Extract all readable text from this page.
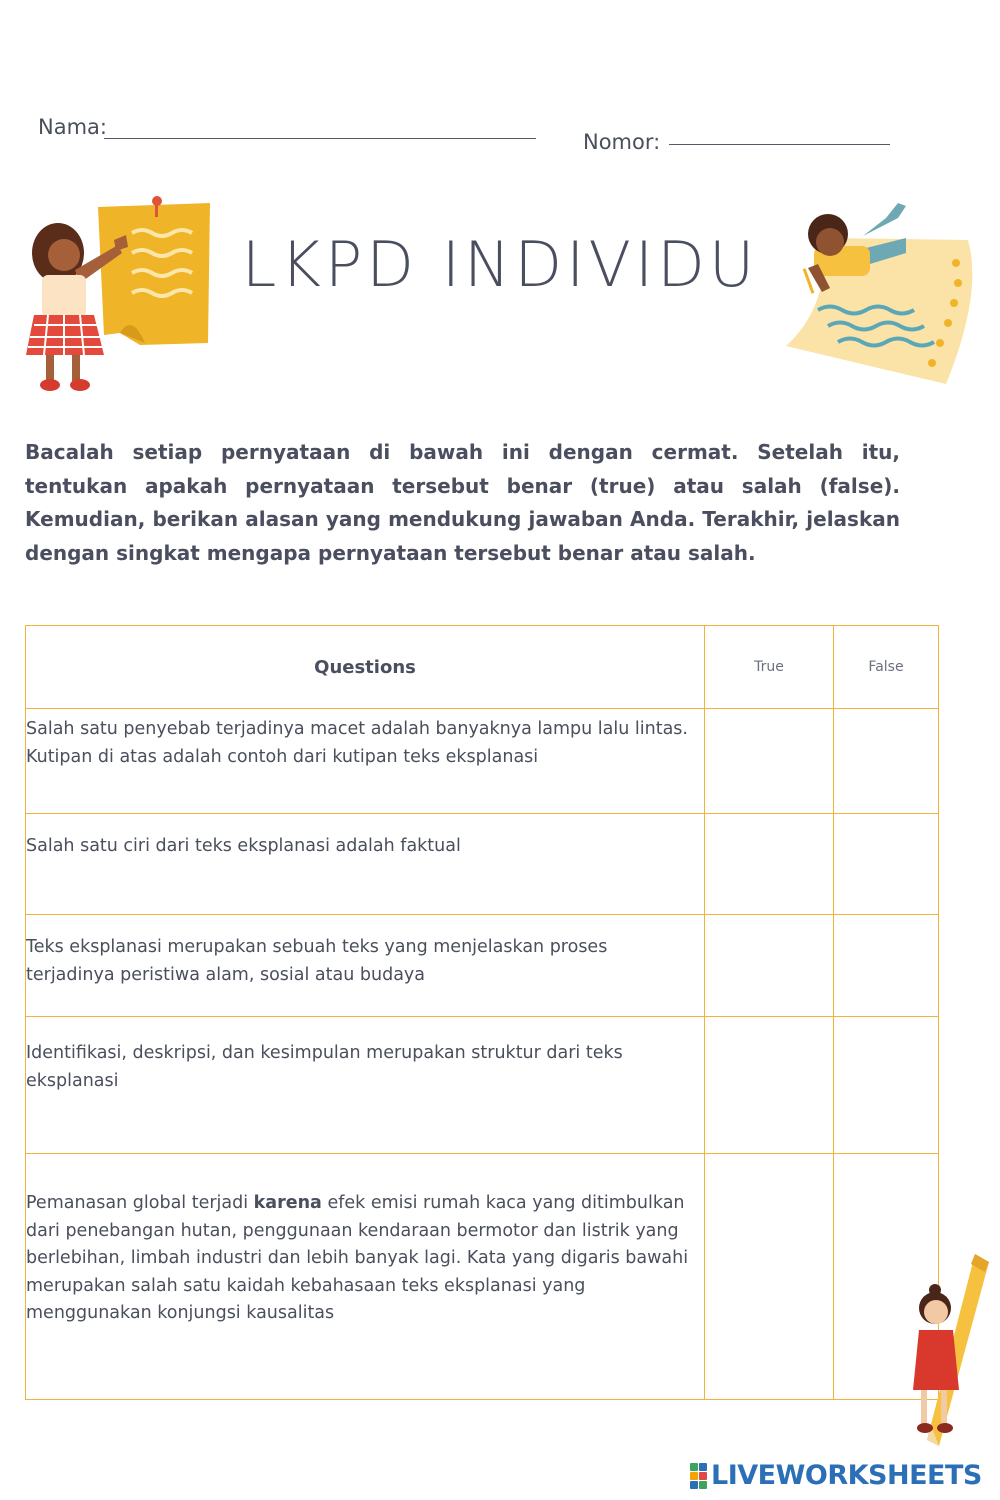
Nama:
Nomor:
LKPD INDIVIDU
Bacalah setiap pernyataan di bawah ini dengan cermat. Setelah itu, tentukan apakah pernyataan tersebut benar (true) atau salah (false). Kemudian, berikan alasan yang mendukung jawaban Anda. Terakhir, jelaskan dengan singkat mengapa pernyataan tersebut benar atau salah.
Questions	True	False

Salah satu penyebab terjadinya macet adalah banyaknya lampu lalu lintas.
Kutipan di atas adalah contoh dari kutipan teks eksplanasi		

Salah satu ciri dari teks eksplanasi adalah faktual		

Teks eksplanasi merupakan sebuah teks yang menjelaskan proses terjadinya peristiwa alam, sosial atau budaya		

Identifikasi, deskripsi, dan kesimpulan merupakan struktur dari teks eksplanasi		

Pemanasan global terjadi karena efek emisi rumah kaca yang ditimbulkan dari penebangan hutan, penggunaan kendaraan bermotor dan listrik yang berlebihan, limbah industri dan lebih banyak lagi. Kata yang digaris bawahi merupakan salah satu kaidah kebahasaan teks eksplanasi yang menggunakan konjungsi kausalitas		

LIVEWORKSHEETS
